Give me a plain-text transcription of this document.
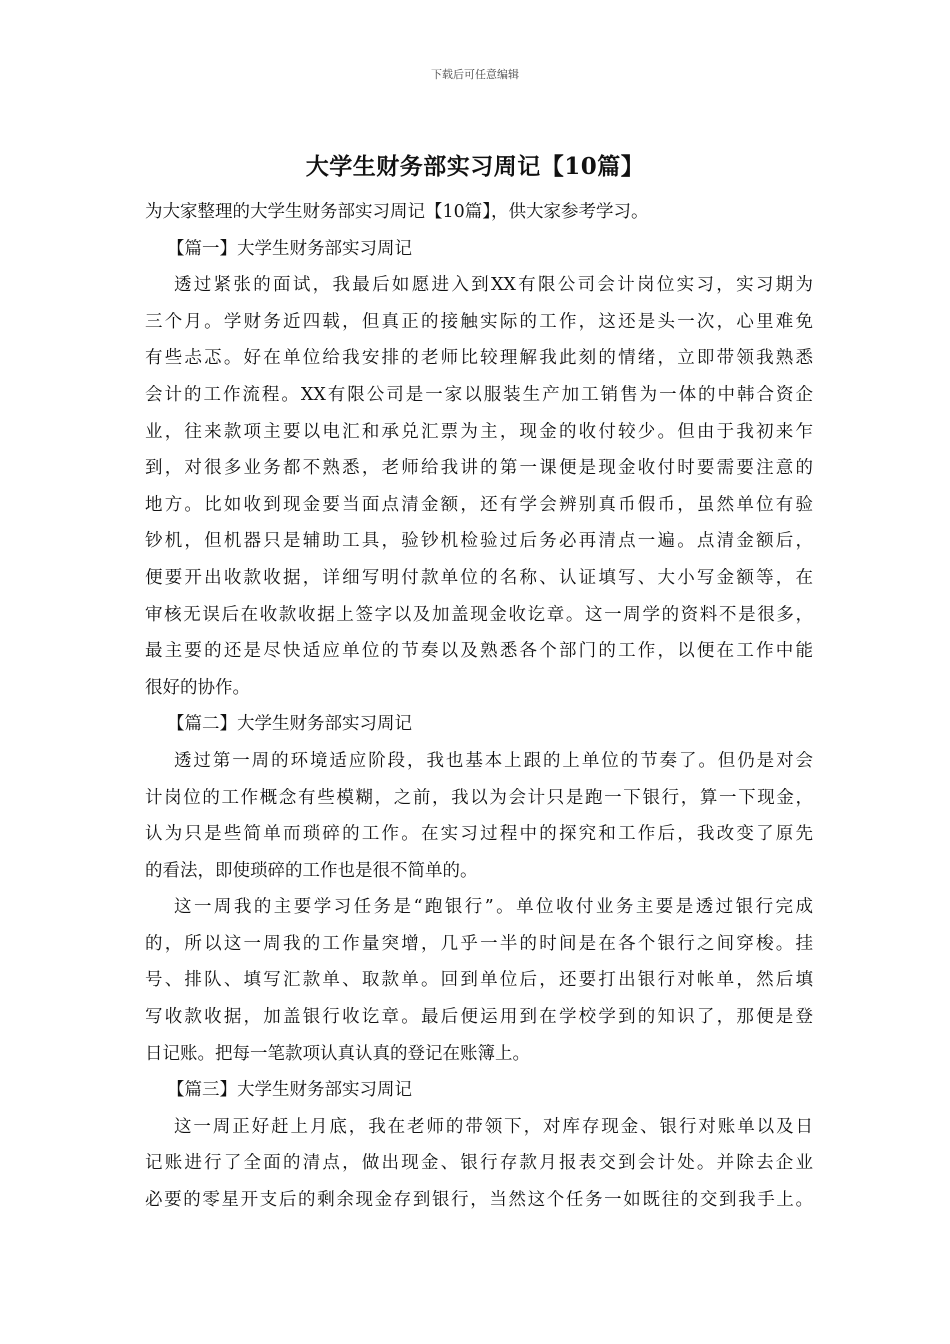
下载后可任意编辑
大学生财务部实习周记【10篇】
为大家整理的大学生财务部实习周记【10篇】，供大家参考学习。
【篇一】大学生财务部实习周记
透过紧张的面试，我最后如愿进入到XX有限公司会计岗位实习，实习期为
三个月。学财务近四载，但真正的接触实际的工作，这还是头一次，心里难免
有些忐忑。好在单位给我安排的老师比较理解我此刻的情绪，立即带领我熟悉
会计的工作流程。XX有限公司是一家以服装生产加工销售为一体的中韩合资企
业，往来款项主要以电汇和承兑汇票为主，现金的收付较少。但由于我初来乍
到，对很多业务都不熟悉，老师给我讲的第一课便是现金收付时要需要注意的
地方。比如收到现金要当面点清金额，还有学会辨别真币假币，虽然单位有验
钞机，但机器只是辅助工具，验钞机检验过后务必再清点一遍。点清金额后，
便要开出收款收据，详细写明付款单位的名称、认证填写、大小写金额等，在
审核无误后在收款收据上签字以及加盖现金收讫章。这一周学的资料不是很多，
最主要的还是尽快适应单位的节奏以及熟悉各个部门的工作，以便在工作中能
很好的协作。
【篇二】大学生财务部实习周记
透过第一周的环境适应阶段，我也基本上跟的上单位的节奏了。但仍是对会
计岗位的工作概念有些模糊，之前，我以为会计只是跑一下银行，算一下现金，
认为只是些简单而琐碎的工作。在实习过程中的探究和工作后，我改变了原先
的看法，即使琐碎的工作也是很不简单的。
这一周我的主要学习任务是“跑银行”。单位收付业务主要是透过银行完成
的，所以这一周我的工作量突增，几乎一半的时间是在各个银行之间穿梭。挂
号、排队、填写汇款单、取款单。回到单位后，还要打出银行对帐单，然后填
写收款收据，加盖银行收讫章。最后便运用到在学校学到的知识了，那便是登
日记账。把每一笔款项认真认真的登记在账簿上。
【篇三】大学生财务部实习周记
这一周正好赶上月底，我在老师的带领下，对库存现金、银行对账单以及日
记账进行了全面的清点，做出现金、银行存款月报表交到会计处。并除去企业
必要的零星开支后的剩余现金存到银行，当然这个任务一如既往的交到我手上。
